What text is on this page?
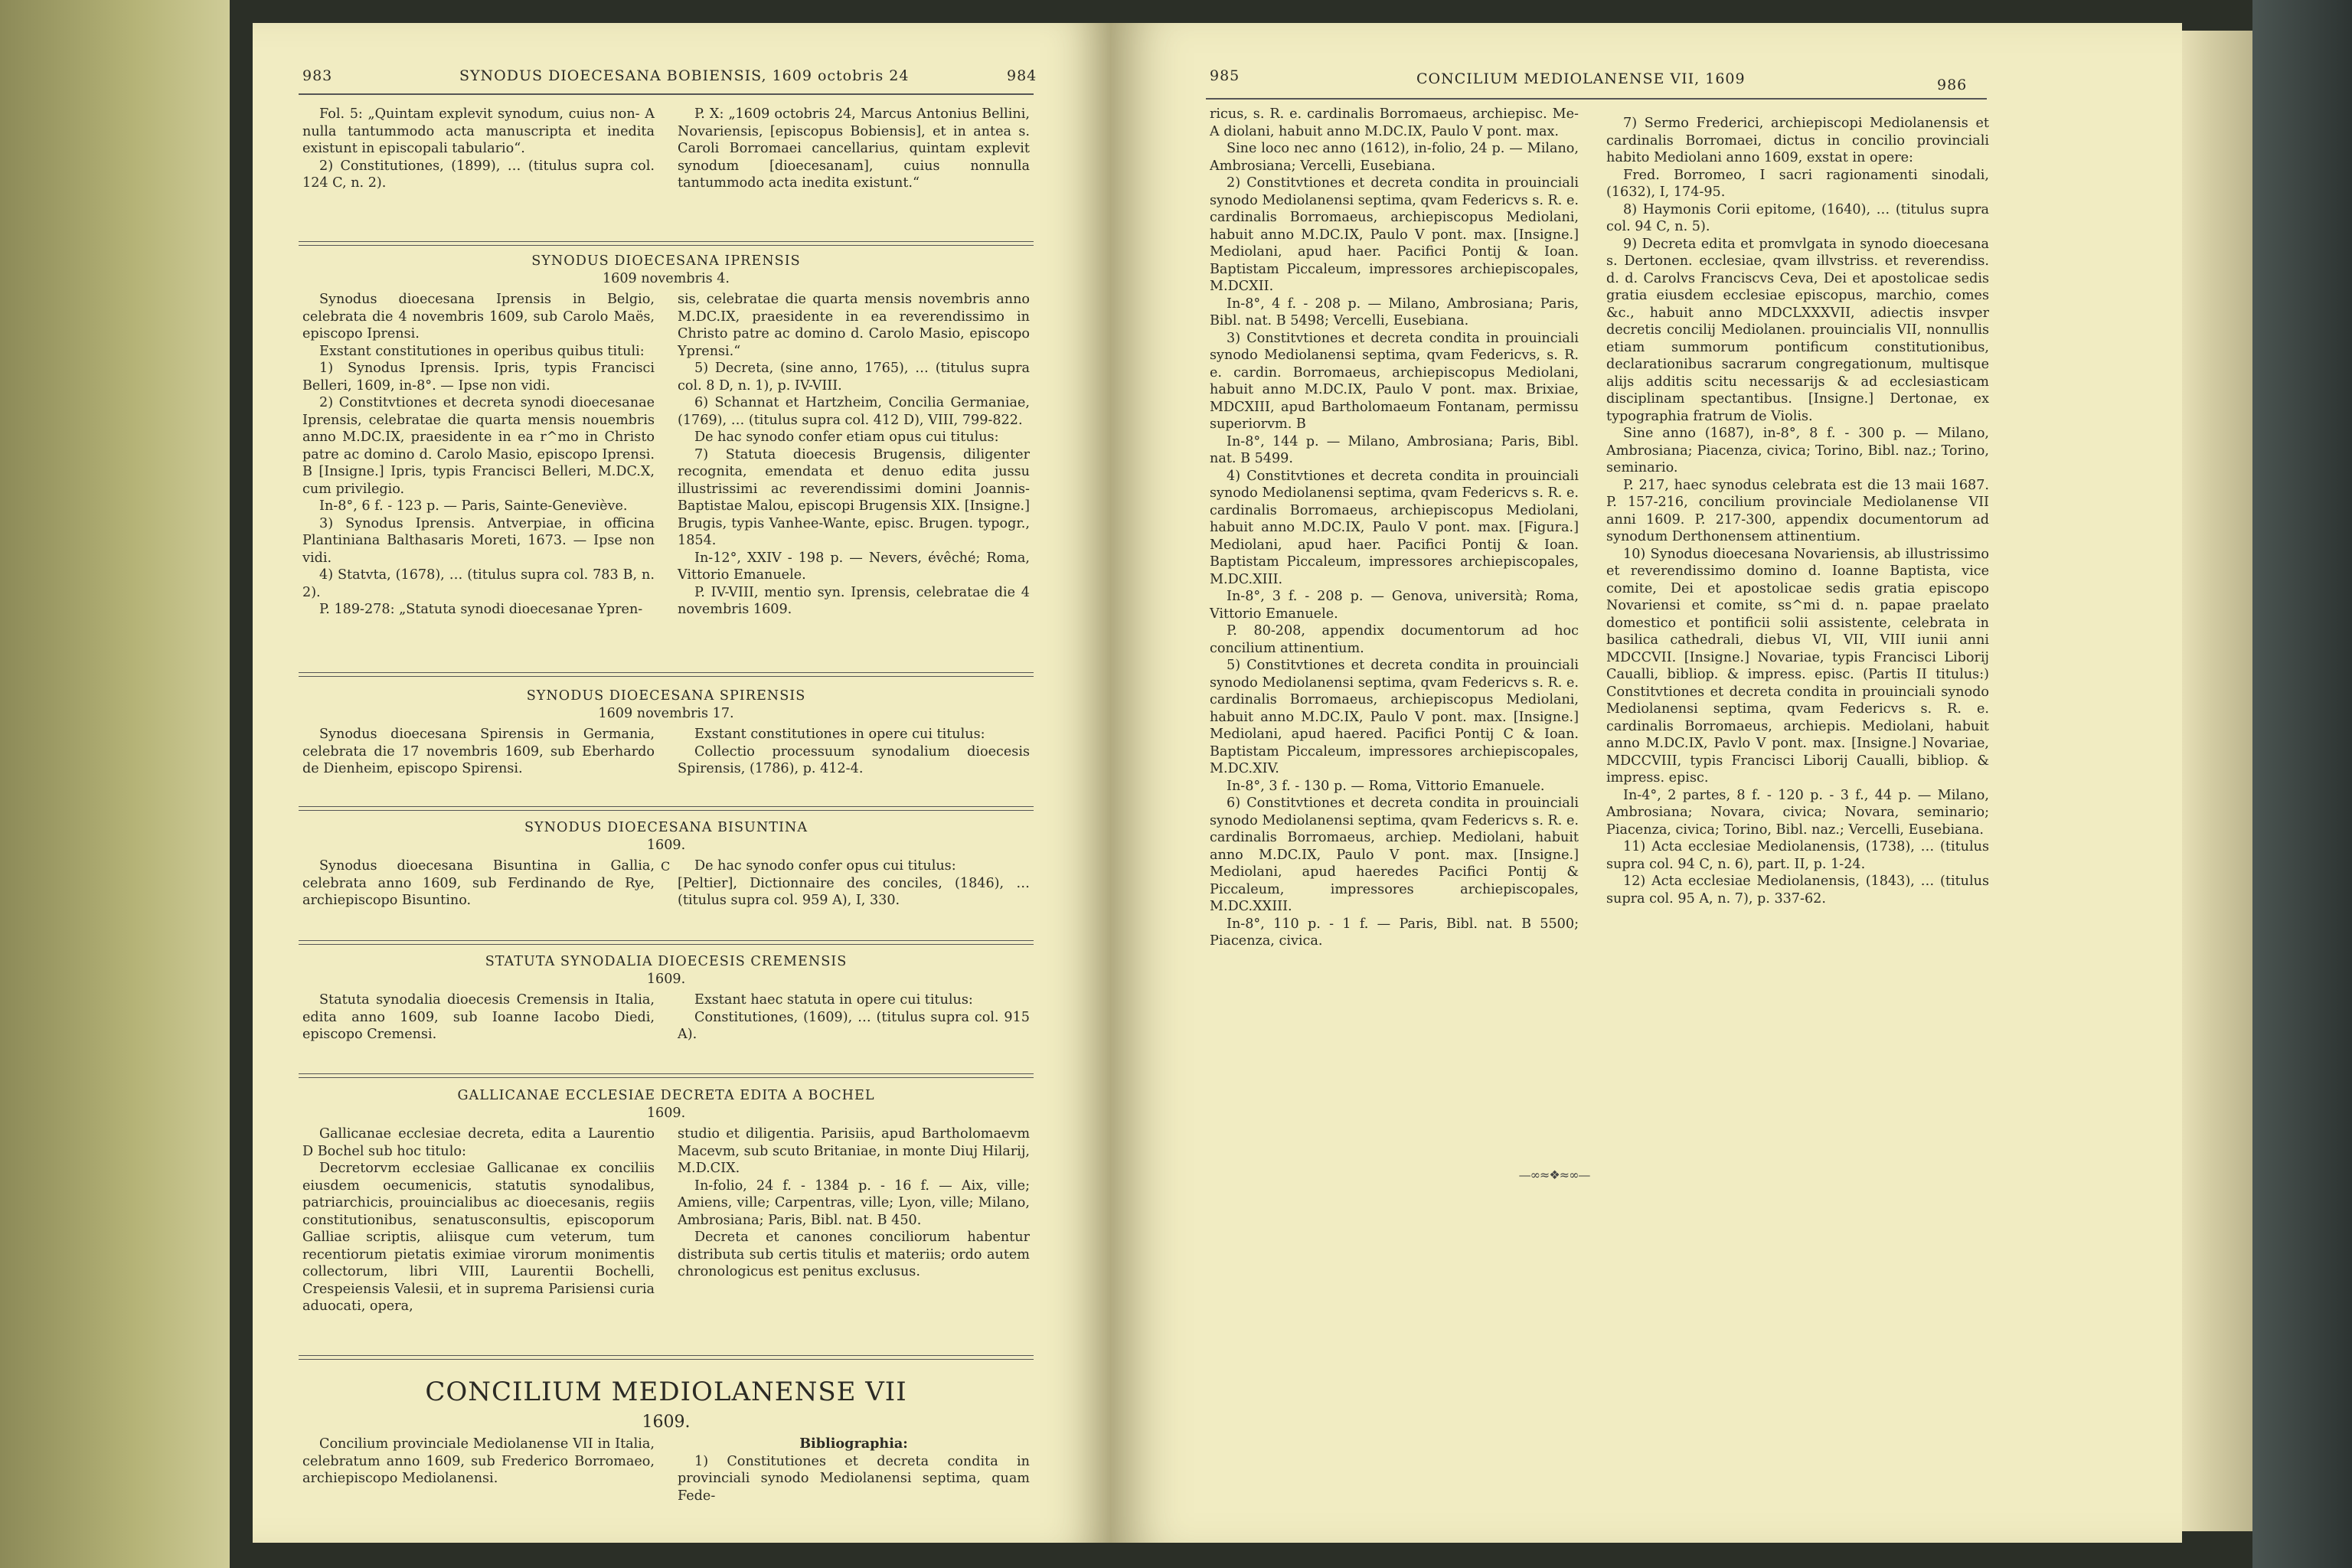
983	SYNODUS DIOECESANA BOBIENSIS, 1609 octobris 24	984

Fol. 5: „Quintam explevit synodum, cuius non- A nulla tantummodo acta manuscripta et inedita existunt in episcopali tabulario“.

2) Constitutiones, (1899), … (titulus supra col. 124 C, n. 2).

P. X: „1609 octobris 24, Marcus Antonius Bellini, Novariensis, [episcopus Bobiensis], et in antea s. Caroli Borromaei cancellarius, quintam explevit synodum [dioecesanam], cuius nonnulla tantummodo acta inedita existunt.“

SYNODUS DIOECESANA IPRENSIS
1609 novembris 4.

Synodus dioecesana Iprensis in Belgio, celebrata die 4 novembris 1609, sub Carolo Maës, episcopo Iprensi.

Exstant constitutiones in operibus quibus tituli:

1) Synodus Iprensis. Ipris, typis Francisci Belleri, 1609, in-8°. — Ipse non vidi.

2) Constitvtiones et decreta synodi dioecesanae Iprensis, celebratae die quarta mensis nouembris anno M.DC.IX, praesidente in ea r^mo in Christo patre ac domino d. Carolo Masio, episcopo Iprensi. B [Insigne.] Ipris, typis Francisci Belleri, M.DC.X, cum privilegio.

In-8°, 6 f. - 123 p. — Paris, Sainte-Geneviève.

3) Synodus Iprensis. Antverpiae, in officina Plantiniana Balthasaris Moreti, 1673. — Ipse non vidi.

4) Statvta, (1678), … (titulus supra col. 783 B, n. 2).

P. 189-278: „Statuta synodi dioecesanae Ypren-

sis, celebratae die quarta mensis novembris anno M.DC.IX, praesidente in ea reverendissimo in Christo patre ac domino d. Carolo Masio, episcopo Yprensi.“

5) Decreta, (sine anno, 1765), … (titulus supra col. 8 D, n. 1), p. IV-VIII.

6) Schannat et Hartzheim, Concilia Germaniae, (1769), … (titulus supra col. 412 D), VIII, 799-822.

De hac synodo confer etiam opus cui titulus:

7) Statuta dioecesis Brugensis, diligenter recognita, emendata et denuo edita jussu illustrissimi ac reverendissimi domini Joannis-Baptistae Malou, episcopi Brugensis XIX. [Insigne.] Brugis, typis Vanhee-Wante, episc. Brugen. typogr., 1854.

In-12°, XXIV - 198 p. — Nevers, évêché; Roma, Vittorio Emanuele.

P. IV-VIII, mentio syn. Iprensis, celebratae die 4 novembris 1609.

SYNODUS DIOECESANA SPIRENSIS
1609 novembris 17.

Synodus dioecesana Spirensis in Germania, celebrata die 17 novembris 1609, sub Eberhardo de Dienheim, episcopo Spirensi.

Exstant constitutiones in opere cui titulus:

Collectio processuum synodalium dioecesis Spirensis, (1786), p. 412-4.

SYNODUS DIOECESANA BISUNTINA
1609.

Synodus dioecesana Bisuntina in Gallia, celebrata anno 1609, sub Ferdinando de Rye, archiepiscopo Bisuntino.

C	De hac synodo confer opus cui titulus:

[Peltier], Dictionnaire des conciles, (1846), … (titulus supra col. 959 A), I, 330.

STATUTA SYNODALIA DIOECESIS CREMENSIS
1609.

Statuta synodalia dioecesis Cremensis in Italia, edita anno 1609, sub Ioanne Iacobo Diedi, episcopo Cremensi.

Exstant haec statuta in opere cui titulus:

Constitutiones, (1609), … (titulus supra col. 915 A).

GALLICANAE ECCLESIAE DECRETA EDITA A BOCHEL
1609.

Gallicanae ecclesiae decreta, edita a Laurentio D Bochel sub hoc titulo:

Decretorvm ecclesiae Gallicanae ex conciliis eiusdem oecumenicis, statutis synodalibus, patriarchicis, prouincialibus ac dioecesanis, regiis constitutionibus, senatusconsultis, episcoporum Galliae scriptis, aliisque cum veterum, tum recentiorum pietatis eximiae virorum monimentis collectorum, libri VIII, Laurentii Bochelli, Crespeiensis Valesii, et in suprema Parisiensi curia aduocati, opera,

studio et diligentia. Parisiis, apud Bartholomaevm Macevm, sub scuto Britaniae, in monte Diuj Hilarij, M.D.CIX.

In-folio, 24 f. - 1384 p. - 16 f. — Aix, ville; Amiens, ville; Carpentras, ville; Lyon, ville; Milano, Ambrosiana; Paris, Bibl. nat. B 450.

Decreta et canones conciliorum habentur distributa sub certis titulis et materiis; ordo autem chronologicus est penitus exclusus.

CONCILIUM MEDIOLANENSE VII
1609.

Concilium provinciale Mediolanense VII in Italia, celebratum anno 1609, sub Frederico Borromaeo, archiepiscopo Mediolanensi.

Bibliographia:

1) Constitutiones et decreta condita in provinciali synodo Mediolanensi septima, quam Fede-

985	CONCILIUM MEDIOLANENSE VII, 1609	986

ricus, s. R. e. cardinalis Borromaeus, archiepisc. Me- A diolani, habuit anno M.DC.IX, Paulo V pont. max.

Sine loco nec anno (1612), in-folio, 24 p. — Milano, Ambrosiana; Vercelli, Eusebiana.

2) Constitvtiones et decreta condita in prouinciali synodo Mediolanensi septima, qvam Federicvs s. R. e. cardinalis Borromaeus, archiepiscopus Mediolani, habuit anno M.DC.IX, Paulo V pont. max. [Insigne.] Mediolani, apud haer. Pacifici Pontij & Ioan. Baptistam Piccaleum, impressores archiepiscopales, M.DCXII.

In-8°, 4 f. - 208 p. — Milano, Ambrosiana; Paris, Bibl. nat. B 5498; Vercelli, Eusebiana.

3) Constitvtiones et decreta condita in prouinciali synodo Mediolanensi septima, qvam Federicvs, s. R. e. cardin. Borromaeus, archiepiscopus Mediolani, habuit anno M.DC.IX, Paulo V pont. max. Brixiae, MDCXIII, apud Bartholomaeum Fontanam, permissu superiorvm. B

In-8°, 144 p. — Milano, Ambrosiana; Paris, Bibl. nat. B 5499.

4) Constitvtiones et decreta condita in prouinciali synodo Mediolanensi septima, qvam Federicvs s. R. e. cardinalis Borromaeus, archiepiscopus Mediolani, habuit anno M.DC.IX, Paulo V pont. max. [Figura.] Mediolani, apud haer. Pacifici Pontij & Ioan. Baptistam Piccaleum, impressores archiepiscopales, M.DC.XIII.

In-8°, 3 f. - 208 p. — Genova, università; Roma, Vittorio Emanuele.

P. 80-208, appendix documentorum ad hoc concilium attinentium.

5) Constitvtiones et decreta condita in prouinciali synodo Mediolanensi septima, qvam Federicvs s. R. e. cardinalis Borromaeus, archiepiscopus Mediolani, habuit anno M.DC.IX, Paulo V pont. max. [Insigne.] Mediolani, apud haered. Pacifici Pontij C & Ioan. Baptistam Piccaleum, impressores archiepiscopales, M.DC.XIV.

In-8°, 3 f. - 130 p. — Roma, Vittorio Emanuele.

6) Constitvtiones et decreta condita in prouinciali synodo Mediolanensi septima, qvam Federicvs s. R. e. cardinalis Borromaeus, archiep. Mediolani, habuit anno M.DC.IX, Paulo V pont. max. [Insigne.] Mediolani, apud haeredes Pacifici Pontij & Piccaleum, impressores archiepiscopales, M.DC.XXIII.

In-8°, 110 p. - 1 f. — Paris, Bibl. nat. B 5500; Piacenza, civica.

7) Sermo Frederici, archiepiscopi Mediolanensis et cardinalis Borromaei, dictus in concilio provinciali habito Mediolani anno 1609, exstat in opere:

Fred. Borromeo, I sacri ragionamenti sinodali, (1632), I, 174-95.

8) Haymonis Corii epitome, (1640), … (titulus supra col. 94 C, n. 5).

9) Decreta edita et promvlgata in synodo dioecesana s. Dertonen. ecclesiae, qvam illvstriss. et reverendiss. d. d. Carolvs Franciscvs Ceva, Dei et apostolicae sedis gratia eiusdem ecclesiae episcopus, marchio, comes &c., habuit anno MDCLXXXVII, adiectis insvper decretis concilij Mediolanen. prouincialis VII, nonnullis etiam summorum pontificum constitutionibus, declarationibus sacrarum congregationum, multisque alijs additis scitu necessarijs & ad ecclesiasticam disciplinam spectantibus. [Insigne.] Dertonae, ex typographia fratrum de Violis.

Sine anno (1687), in-8°, 8 f. - 300 p. — Milano, Ambrosiana; Piacenza, civica; Torino, Bibl. naz.; Torino, seminario.

P. 217, haec synodus celebrata est die 13 maii 1687. P. 157-216, concilium provinciale Mediolanense VII anni 1609. P. 217-300, appendix documentorum ad synodum Derthonensem attinentium.

10) Synodus dioecesana Novariensis, ab illustrissimo et reverendissimo domino d. Ioanne Baptista, vice comite, Dei et apostolicae sedis gratia episcopo Novariensi et comite, ss^mi d. n. papae praelato domestico et pontificii solii assistente, celebrata in basilica cathedrali, diebus VI, VII, VIII iunii anni MDCCVII. [Insigne.] Novariae, typis Francisci Liborij Caualli, bibliop. & impress. episc. (Partis II titulus:) Constitvtiones et decreta condita in prouinciali synodo Mediolanensi septima, qvam Federicvs s. R. e. cardinalis Borromaeus, archiepis. Mediolani, habuit anno M.DC.IX, Pavlo V pont. max. [Insigne.] Novariae, MDCCVIII, typis Francisci Liborij Caualli, bibliop. & impress. episc.

In-4°, 2 partes, 8 f. - 120 p. - 3 f., 44 p. — Milano, Ambrosiana; Novara, civica; Novara, seminario; Piacenza, civica; Torino, Bibl. naz.; Vercelli, Eusebiana.

11) Acta ecclesiae Mediolanensis, (1738), … (titulus supra col. 94 C, n. 6), part. II, p. 1-24.

12) Acta ecclesiae Mediolanensis, (1843), … (titulus supra col. 95 A, n. 7), p. 337-62.

—∞≈❖≈∞—
